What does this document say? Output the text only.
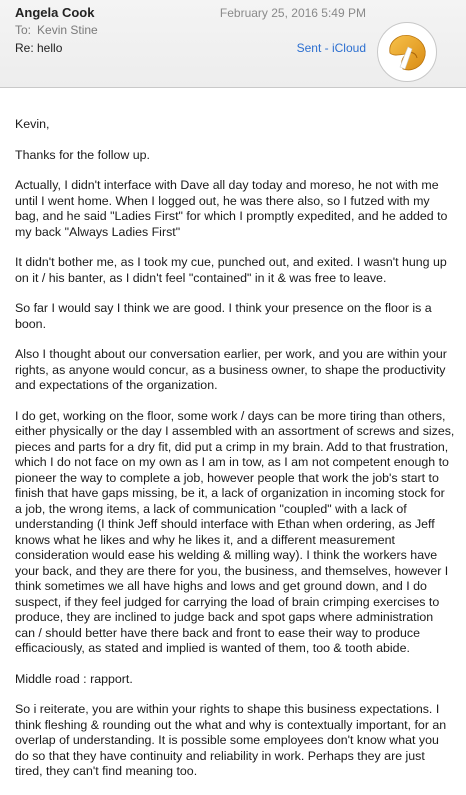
Angela Cook
To: Kevin Stine
Re: hello
February 25, 2016 5:49 PM
Sent - iCloud

Kevin,

Thanks for the follow up.

Actually, I didn't interface with Dave all day today and moreso, he not with me until I went home. When I logged out, he was there also, so I futzed with my bag, and he said "Ladies First" for which I promptly expedited, and he added to my back "Always Ladies First"

It didn't bother me, as I took my cue, punched out, and exited. I wasn't hung up on it / his banter, as I didn't feel "contained" in it & was free to leave.

So far I would say I think we are good. I think your presence on the floor is a boon.

Also I thought about our conversation earlier, per work, and you are within your rights, as anyone would concur, as a business owner, to shape the productivity and expectations of the organization.

I do get, working on the floor, some work / days can be more tiring than others, either physically or the day I assembled with an assortment of screws and sizes, pieces and parts for a dry fit, did put a crimp in my brain. Add to that frustration, which I do not face on my own as I am in tow, as I am not competent enough to pioneer the way to complete a job, however people that work the job's start to finish that have gaps missing, be it, a lack of organization in incoming stock for a job, the wrong items, a lack of communication "coupled" with a lack of understanding (I think Jeff should interface with Ethan when ordering, as Jeff knows what he likes and why he likes it, and a different measurement consideration would ease his welding & milling way). I think the workers have your back, and they are there for you, the business, and themselves, however I think sometimes we all have highs and lows and get ground down, and I do suspect, if they feel judged for carrying the load of brain crimping exercises to produce, they are inclined to judge back and spot gaps where administration can / should better have there back and front to ease their way to produce efficaciously, as stated and implied is wanted of them, too & tooth abide.

Middle road : rapport.

So i reiterate, you are within your rights to shape this business expectations. I think fleshing & rounding out the what and why is contextually important, for an overlap of understanding. It is possible some employees don't know what you do so that they have continuity and reliability in work. Perhaps they are just tired, they can't find meaning too.
